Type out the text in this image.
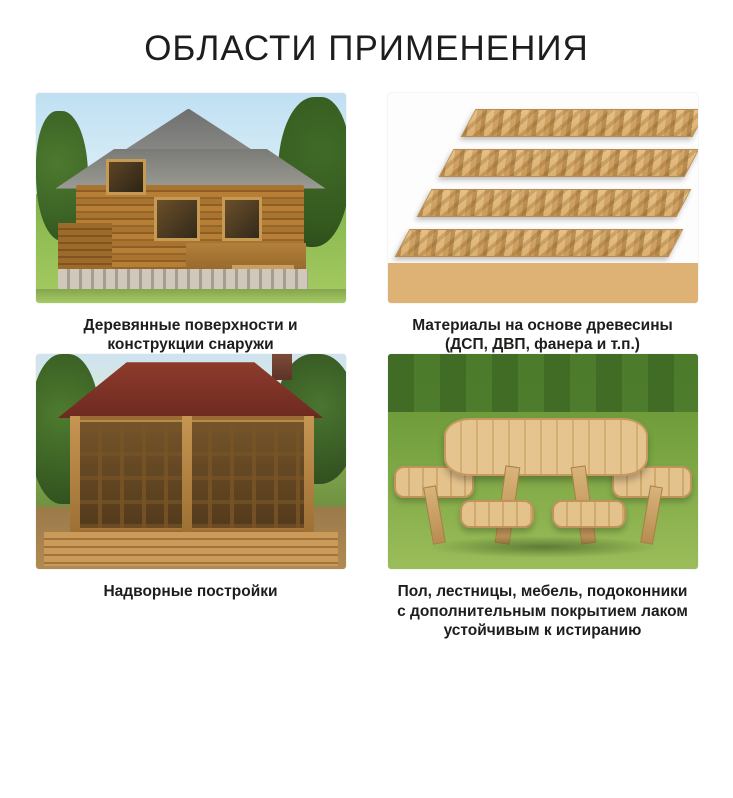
ОБЛАСТИ ПРИМЕНЕНИЯ
Деревянные поверхности и конструкции снаружи
Материалы на основе древесины (ДСП, ДВП, фанера и т.п.)
Надворные постройки	Пол, лестницы, мебель, подоконники с дополнительным покрытием лаком устойчивым к истиранию
